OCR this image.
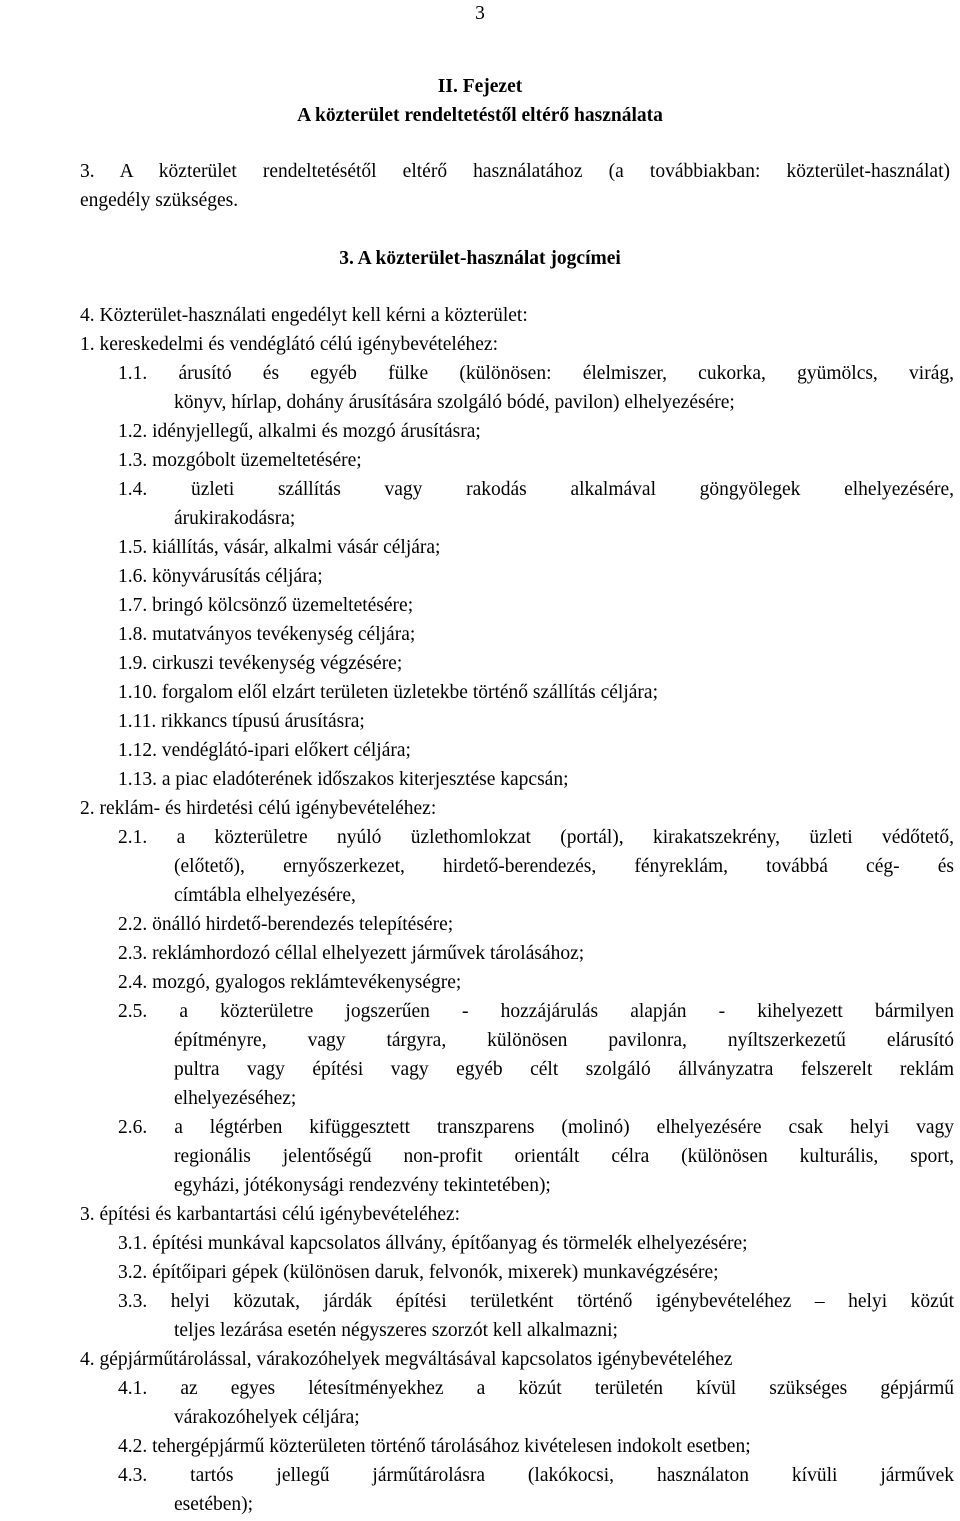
3
II. Fejezet
A közterület rendeltetéstől eltérő használata
3. A közterület rendeltetésétől eltérő használatához (a továbbiakban: közterület-használat)
engedély szükséges.
3. A közterület-használat jogcímei
4. Közterület-használati engedélyt kell kérni a közterület:
1. kereskedelmi és vendéglátó célú igénybevételéhez:
1.1. árusító és egyéb fülke (különösen: élelmiszer, cukorka, gyümölcs, virág,
könyv, hírlap, dohány árusítására szolgáló bódé, pavilon) elhelyezésére;
1.2. idényjellegű, alkalmi és mozgó árusításra;
1.3. mozgóbolt üzemeltetésére;
1.4. üzleti szállítás vagy rakodás alkalmával göngyölegek elhelyezésére,
árukirakodásra;
1.5. kiállítás, vásár, alkalmi vásár céljára;
1.6. könyvárusítás céljára;
1.7. bringó kölcsönző üzemeltetésére;
1.8. mutatványos tevékenység céljára;
1.9. cirkuszi tevékenység végzésére;
1.10. forgalom elől elzárt területen üzletekbe történő szállítás céljára;
1.11. rikkancs típusú árusításra;
1.12. vendéglátó-ipari előkert céljára;
1.13. a piac eladóterének időszakos kiterjesztése kapcsán;
2. reklám- és hirdetési célú igénybevételéhez:
2.1. a közterületre nyúló üzlethomlokzat (portál), kirakatszekrény, üzleti védőtető,
(előtető), ernyőszerkezet, hirdető-berendezés, fényreklám, továbbá cég- és
címtábla elhelyezésére,
2.2. önálló hirdető-berendezés telepítésére;
2.3. reklámhordozó céllal elhelyezett járművek tárolásához;
2.4. mozgó, gyalogos reklámtevékenységre;
2.5. a közterületre jogszerűen - hozzájárulás alapján - kihelyezett bármilyen
építményre, vagy tárgyra, különösen pavilonra, nyíltszerkezetű elárusító
pultra vagy építési vagy egyéb célt szolgáló állványzatra felszerelt reklám
elhelyezéséhez;
2.6. a légtérben kifüggesztett transzparens (molinó) elhelyezésére csak helyi vagy
regionális jelentőségű non-profit orientált célra (különösen kulturális, sport,
egyházi, jótékonysági rendezvény tekintetében);
3. építési és karbantartási célú igénybevételéhez:
3.1. építési munkával kapcsolatos állvány, építőanyag és törmelék elhelyezésére;
3.2. építőipari gépek (különösen daruk, felvonók, mixerek) munkavégzésére;
3.3. helyi közutak, járdák építési területként történő igénybevételéhez – helyi közút
teljes lezárása esetén négyszeres szorzót kell alkalmazni;
4. gépjárműtárolással, várakozóhelyek megváltásával kapcsolatos igénybevételéhez
4.1. az egyes létesítményekhez a közút területén kívül szükséges gépjármű
várakozóhelyek céljára;
4.2. tehergépjármű közterületen történő tárolásához kivételesen indokolt esetben;
4.3. tartós jellegű járműtárolásra (lakókocsi, használaton kívüli járművek
esetében);
